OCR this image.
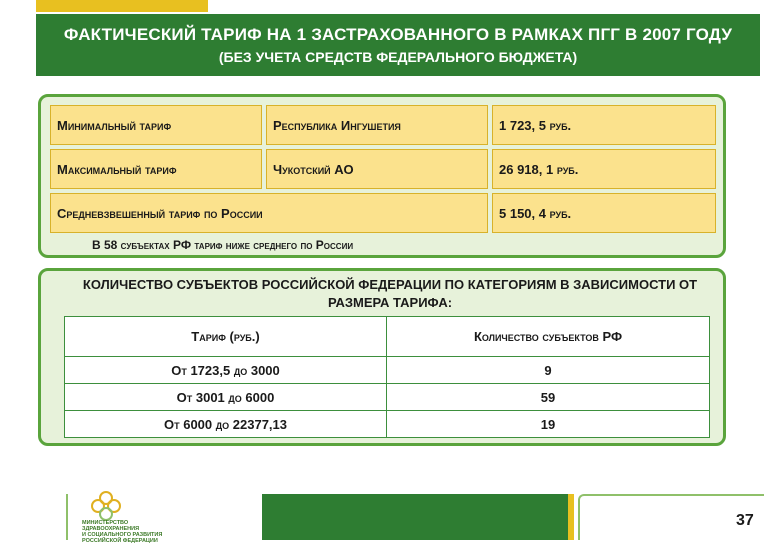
ФАКТИЧЕСКИЙ ТАРИФ НА 1 ЗАСТРАХОВАННОГО В РАМКАХ ПГГ В 2007 ГОДУ
(БЕЗ УЧЕТА СРЕДСТВ ФЕДЕРАЛЬНОГО БЮДЖЕТА)
Минимальный тариф	Республика Ингушетия	1 723, 5 руб.
Максимальный тариф	Чукотский АО	26 918, 1 руб.
Средневзвешенный тариф по России	5 150, 4 руб.
В 58 субъектах РФ тариф ниже среднего по России
КОЛИЧЕСТВО СУБЪЕКТОВ РОССИЙСКОЙ ФЕДЕРАЦИИ ПО КАТЕГОРИЯМ В ЗАВИСИМОСТИ ОТ
РАЗМЕРА ТАРИФА:
Тариф (руб.)	Количество субъектов РФ
От 1723,5 до 3000	9
От 3001 до 6000	59
От 6000 до 22377,13	19
МИНИСТЕРСТВО
ЗДРАВООХРАНЕНИЯ
И СОЦИАЛЬНОГО РАЗВИТИЯ
РОССИЙСКОЙ ФЕДЕРАЦИИ
37
